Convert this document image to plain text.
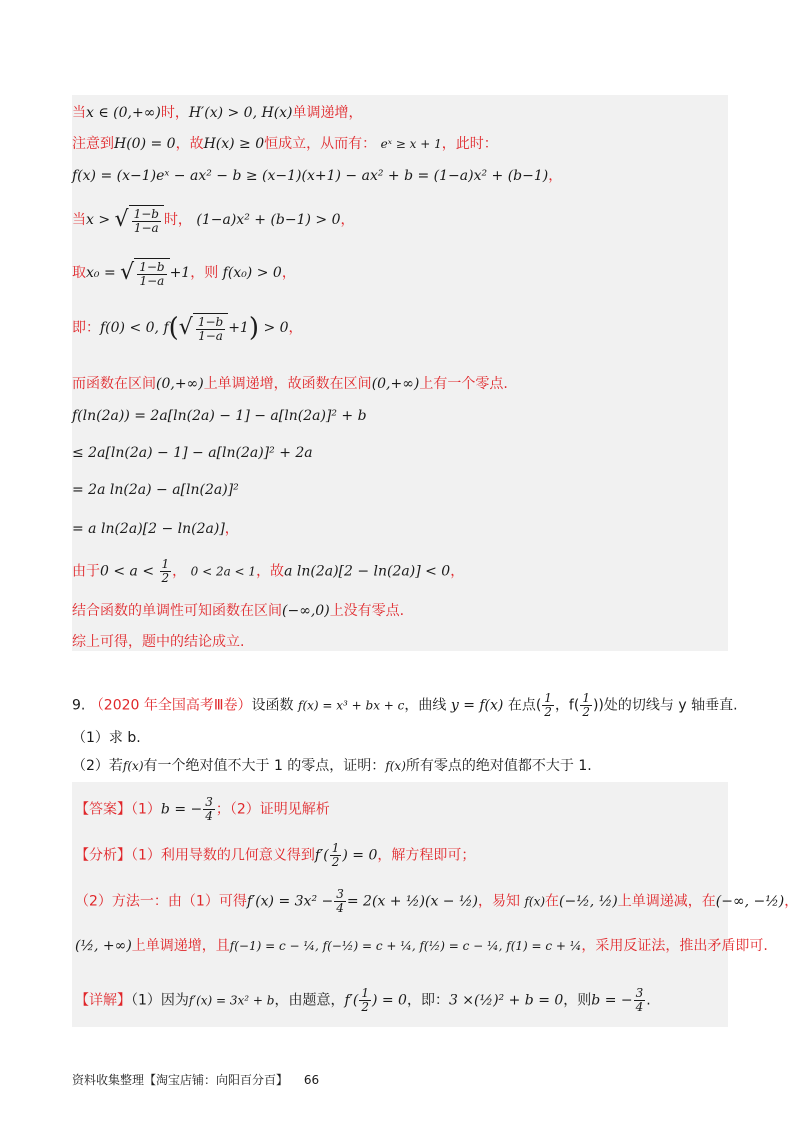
当x ∈ (0,+∞)时，H′(x) > 0, H(x)单调递增，
注意到H(0) = 0，故H(x) ≥ 0恒成立，从而有： eˣ ≥ x + 1，此时：
f(x) = (x−1)eˣ − ax² − b ≥ (x−1)(x+1) − ax² + b = (1−a)x² + (b−1)，
当x > √ $\frac{1-b}{1-a}$ 时， (1−a)x² + (b−1) > 0，
取x₀ = √ $\frac{1-b}{1-a} +1$，则 f(x₀) > 0，
即：f(0) < 0, f( √ $\frac{1-b}{1-a} +1) > 0$，
而函数在区间(0,+∞)上单调递增，故函数在区间(0,+∞)上有一个零点.
f(ln(2a)) = 2a[ln(2a) − 1] − a[ln(2a)]² + b
≤ 2a[ln(2a) − 1] − a[ln(2a)]² + 2a
= 2a ln(2a) − a[ln(2a)]²
= a ln(2a)[2 − ln(2a)]，
由于$0 < a < \frac{1}{2}$ ， 0 < 2a < 1，故a ln(2a)[2 − ln(2a)] < 0，
结合函数的单调性可知函数在区间(−∞,0)上没有零点.
综上可得，题中的结论成立.
9. （2020 年全国高考Ⅲ卷）设函数 f(x) = x³ + bx + c，曲线 y = f(x) 在点( $\frac{1}{2}$ ，$f( \frac{1}{2}$ ))处的切线与 y 轴垂直.
（1）求 b.
（2）若f(x)有一个绝对值不大于 1 的零点，证明：f(x)所有零点的绝对值都不大于 1.
【答案】（1）b = − $\frac{3}{4}$ ；（2）证明见解析
【分析】（1）利用导数的几何意义得到$f'( \frac{1}{2}$ ) = 0，解方程即可；
（2）方法一：由（1）可得$f'(x) = 3x^2 - \frac{3}{4} = 2(x$ + ½)(x − ½)，易知 f(x)在(−½, ½)上单调递减，在(−∞, −½)，
(½, +∞)上单调递增，且f(−1) = c − ¼, f(−½) = c + ¼, f(½) = c − ¼, f(1) = c + ¼，采用反证法，推出矛盾即可.
【详解】（1）因为f′(x) = 3x² + b，由题意，$f'( \frac{1}{2}$ ) = 0，即：3 ×(½)² + b = 0，则b = − $\frac{3}{4}$ .
资料收集整理【淘宝店铺：向阳百分百】 66
